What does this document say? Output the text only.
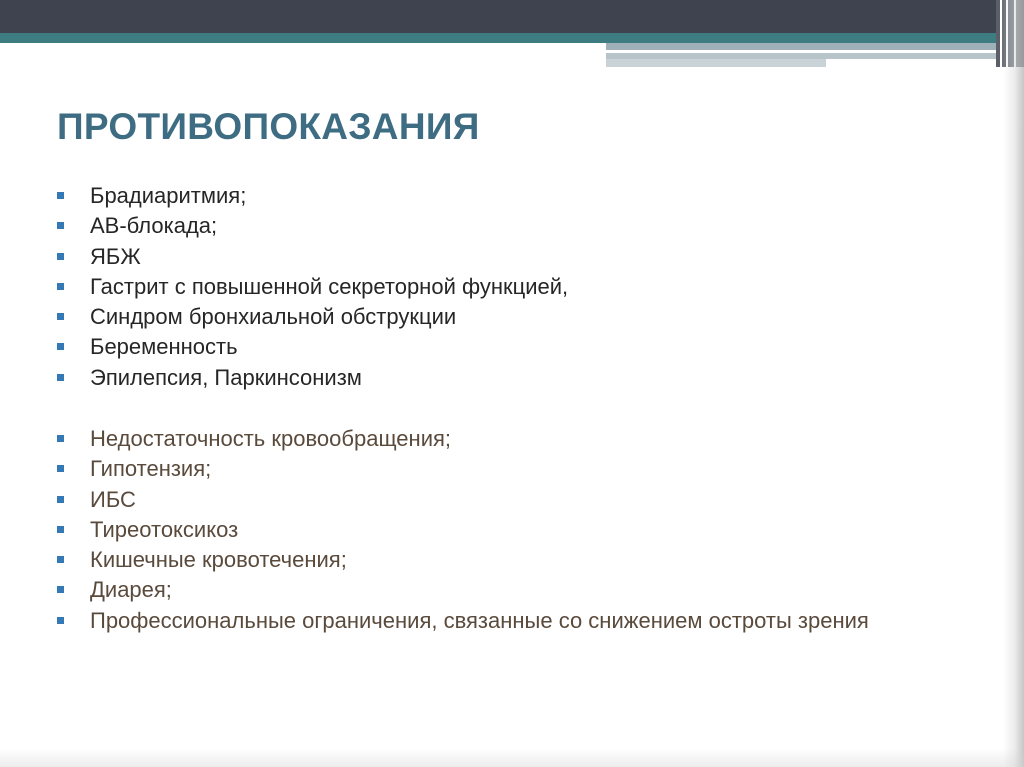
ПРОТИВОПОКАЗАНИЯ
Брадиаритмия;
АВ-блокада;
ЯБЖ
Гастрит с повышенной секреторной функцией,
Синдром бронхиальной обструкции
Беременность
Эпилепсия, Паркинсонизм
Недостаточность кровообращения;
Гипотензия;
ИБС
Тиреотоксикоз
Кишечные кровотечения;
Диарея;
Профессиональные ограничения, связанные со снижением остроты зрения
